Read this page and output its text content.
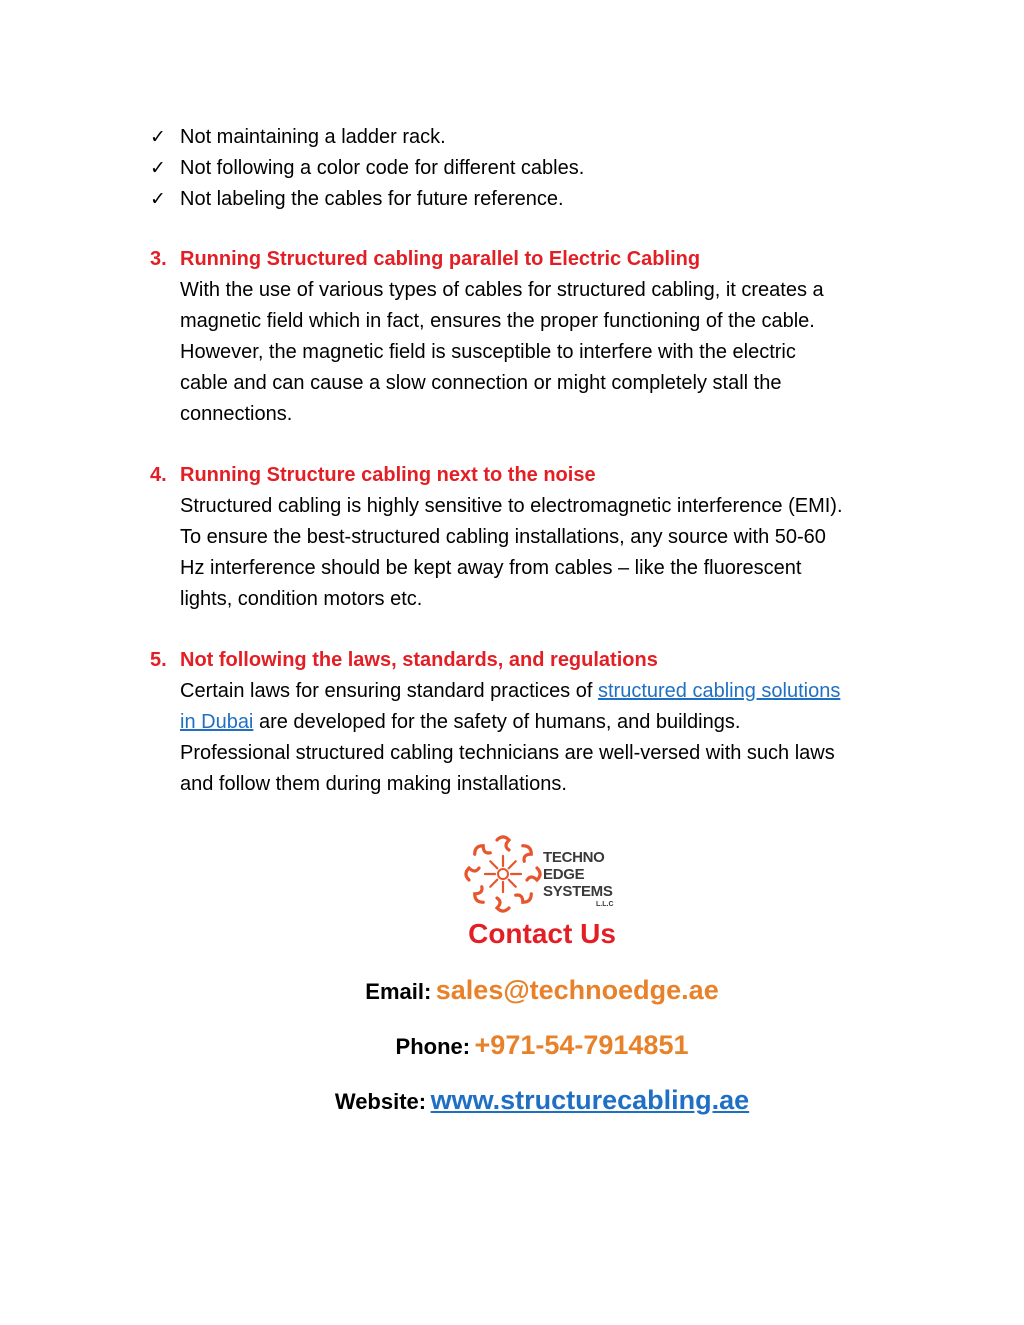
✓ Not maintaining a ladder rack.
✓ Not following a color code for different cables.
✓ Not labeling the cables for future reference.
3. Running Structured cabling parallel to Electric Cabling
With the use of various types of cables for structured cabling, it creates a
magnetic field which in fact, ensures the proper functioning of the cable.
However, the magnetic field is susceptible to interfere with the electric
cable and can cause a slow connection or might completely stall the
connections.
4. Running Structure cabling next to the noise
Structured cabling is highly sensitive to electromagnetic interference (EMI).
To ensure the best-structured cabling installations, any source with 50-60
Hz interference should be kept away from cables – like the fluorescent
lights, condition motors etc.
5. Not following the laws, standards, and regulations
Certain laws for ensuring standard practices of structured cabling solutions
in Dubai are developed for the safety of humans, and buildings.
Professional structured cabling technicians are well-versed with such laws
and follow them during making installations.
TECHNO
EDGE
SYSTEMS
L.L.C
Contact Us
Email: sales@technoedge.ae
Phone: +971-54-7914851
Website: www.structurecabling.ae
